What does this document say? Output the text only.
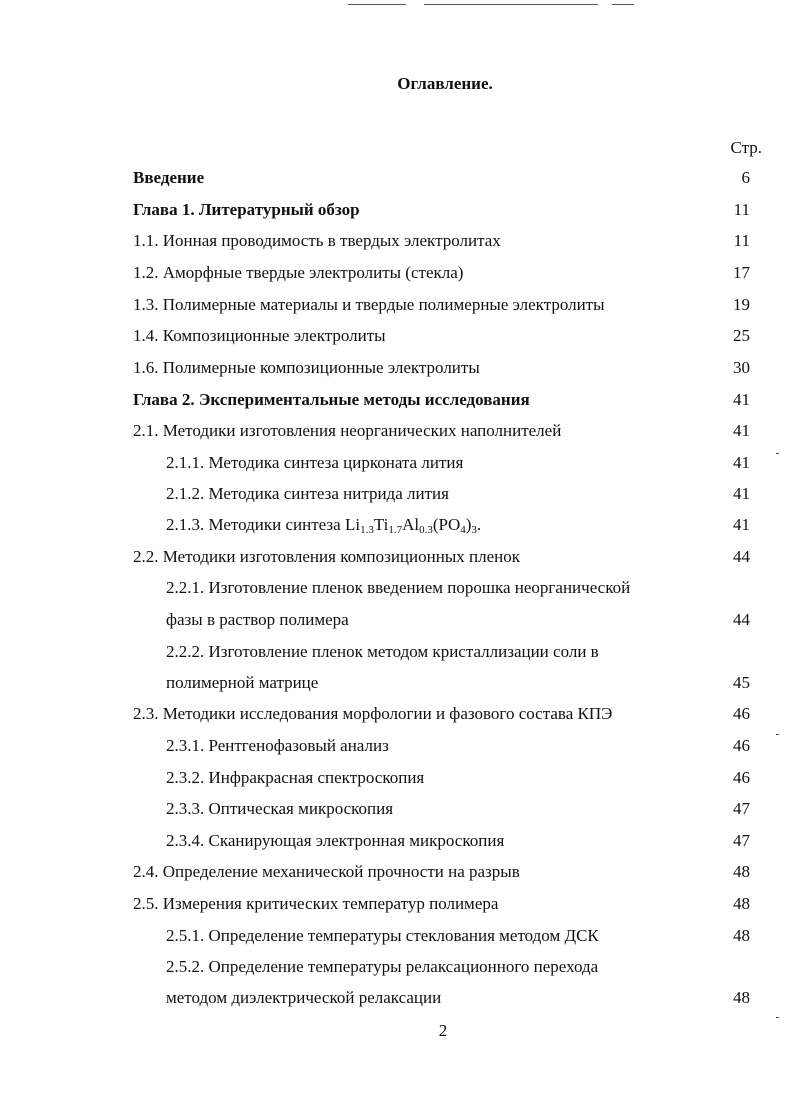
Оглавление.
Стр.
Введение	6
Глава 1. Литературный обзор	11
1.1. Ионная проводимость в твердых электролитах	11
1.2. Аморфные твердые электролиты (стекла)	17
1.3. Полимерные материалы и твердые полимерные электролиты	19
1.4. Композиционные электролиты	25
1.6. Полимерные композиционные электролиты	30
Глава 2. Экспериментальные методы исследования	41
2.1. Методики изготовления неорганических наполнителей	41
2.1.1. Методика синтеза цирконата лития	41
2.1.2. Методика синтеза нитрида лития	41
2.1.3. Методики синтеза $Li_{1.3}Ti_{1.7}Al_{0.3}(PO_4)_3$.	41
2.2. Методики изготовления композиционных пленок	44
2.2.1. Изготовление пленок введением порошка неорганической
фазы в раствор полимера	44
2.2.2. Изготовление пленок методом кристаллизации соли в
полимерной матрице	45
2.3. Методики исследования морфологии и фазового состава КПЭ	46
2.3.1. Рентгенофазовый анализ	46
2.3.2. Инфракрасная спектроскопия	46
2.3.3. Оптическая микроскопия	47
2.3.4. Сканирующая электронная микроскопия	47
2.4. Определение механической прочности на разрыв	48
2.5. Измерения критических температур полимера	48
2.5.1. Определение температуры стеклования методом ДСК	48
2.5.2. Определение температуры релаксационного перехода
методом диэлектрической релаксации	48
2
